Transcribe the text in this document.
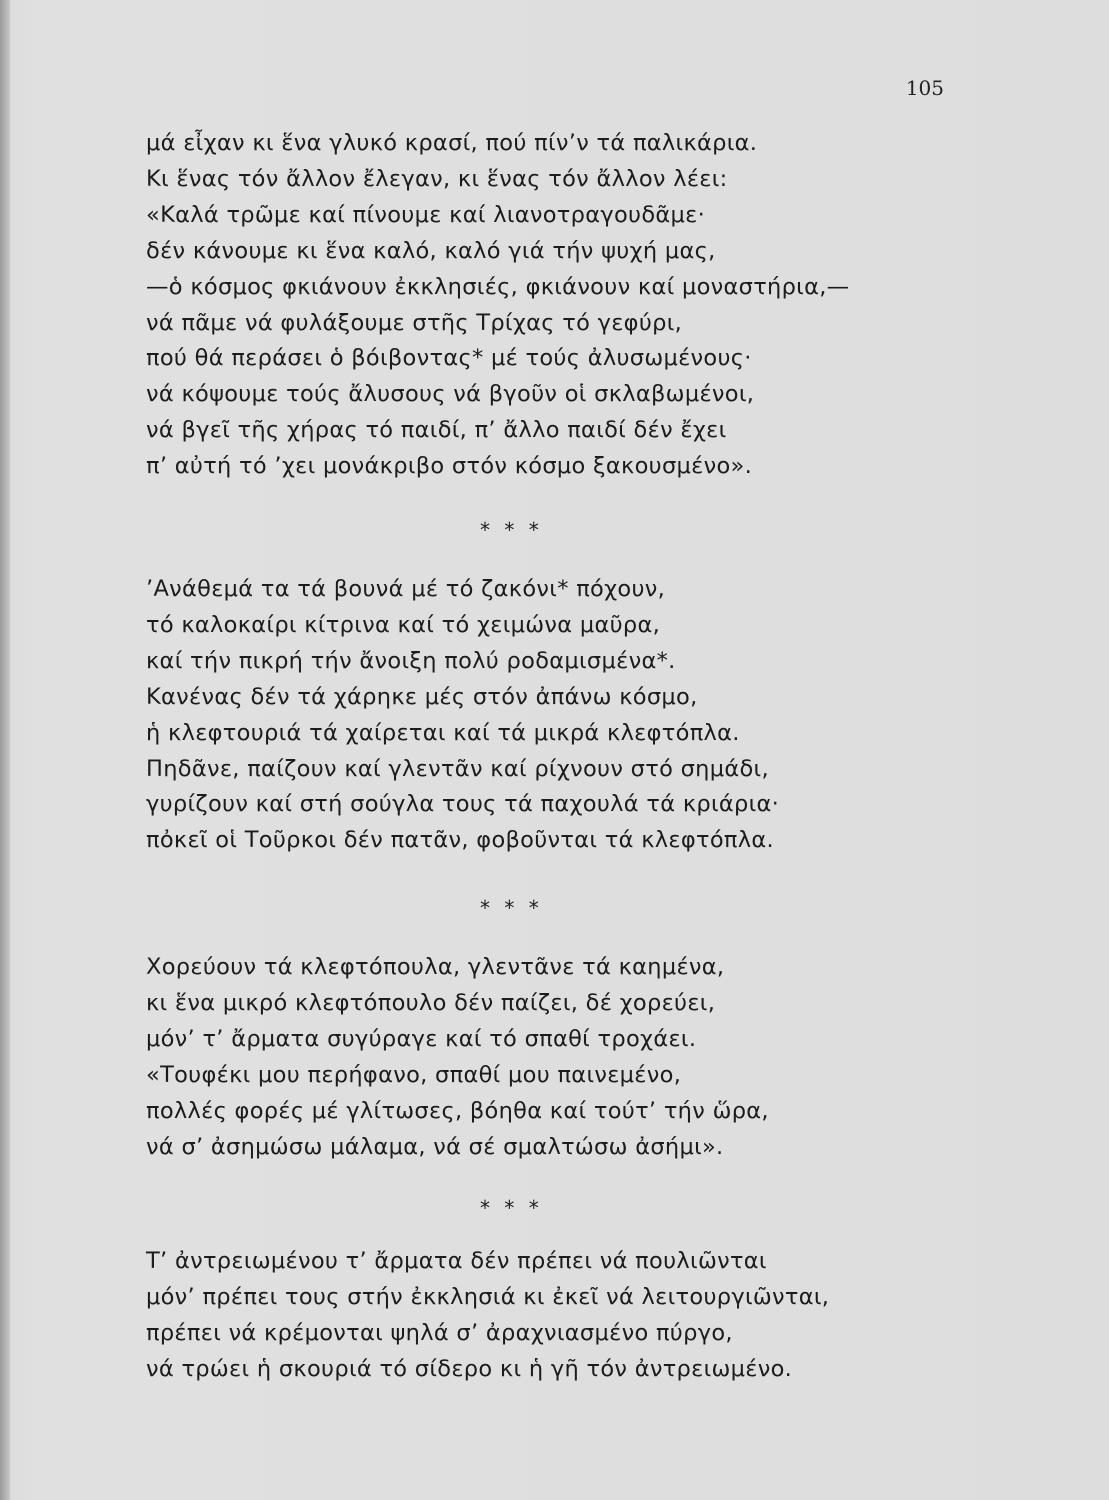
105
μά εἶχαν κι ἕνα γλυκό κρασί, πού πίν’ν τά παλικάρια.
Κι ἕνας τόν ἄλλον ἔλεγαν, κι ἕνας τόν ἄλλον λέει:
«Καλά τρῶμε καί πίνουμε καί λιανοτραγουδᾶμε·
δέν κάνουμε κι ἕνα καλό, καλό γιά τήν ψυχή μας,
—ὁ κόσμος φκιάνουν ἐκκλησιές, φκιάνουν καί μοναστήρια,—
νά πᾶμε νά φυλάξουμε στῆς Τρίχας τό γεφύρι,
πού θά περάσει ὁ βόιβοντας* μέ τούς ἀλυσωμένους·
νά κόψουμε τούς ἄλυσους νά βγοῦν οἱ σκλαβωμένοι,
νά βγεῖ τῆς χήρας τό παιδί, π’ ἄλλο παιδί δέν ἔχει
π’ αὐτή τό ’χει μονάκριβο στόν κόσμο ξακουσμένο».
* * *
’Ανάθεμά τα τά βουνά μέ τό ζακόνι* πόχουν,
τό καλοκαίρι κίτρινα καί τό χειμώνα μαῦρα,
καί τήν πικρή τήν ἄνοιξη πολύ ροδαμισμένα*.
Κανένας δέν τά χάρηκε μές στόν ἀπάνω κόσμο,
ἡ κλεφτουριά τά χαίρεται καί τά μικρά κλεφτόπλα.
Πηδᾶνε, παίζουν καί γλεντᾶν καί ρίχνουν στό σημάδι,
γυρίζουν καί στή σούγλα τους τά παχουλά τά κριάρια·
πὀκεῖ οἱ Τοῦρκοι δέν πατᾶν, φοβοῦνται τά κλεφτόπλα.
* * *
Χορεύουν τά κλεφτόπουλα, γλεντᾶνε τά καημένα,
κι ἕνα μικρό κλεφτόπουλο δέν παίζει, δέ χορεύει,
μόν’ τ’ ἄρματα συγύραγε καί τό σπαθί τροχάει.
«Τουφέκι μου περήφανο, σπαθί μου παινεμένο,
πολλές φορές μέ γλίτωσες, βόηθα καί τούτ’ τήν ὥρα,
νά σ’ ἀσημώσω μάλαμα, νά σέ σμαλτώσω ἀσήμι».
* * *
Τ’ ἀντρειωμένου τ’ ἄρματα δέν πρέπει νά πουλιῶνται
μόν’ πρέπει τους στήν ἐκκλησιά κι ἐκεῖ νά λειτουργιῶνται,
πρέπει νά κρέμονται ψηλά σ’ ἀραχνιασμένο πύργο,
νά τρώει ἡ σκουριά τό σίδερο κι ἡ γῆ τόν ἀντρειωμένο.
